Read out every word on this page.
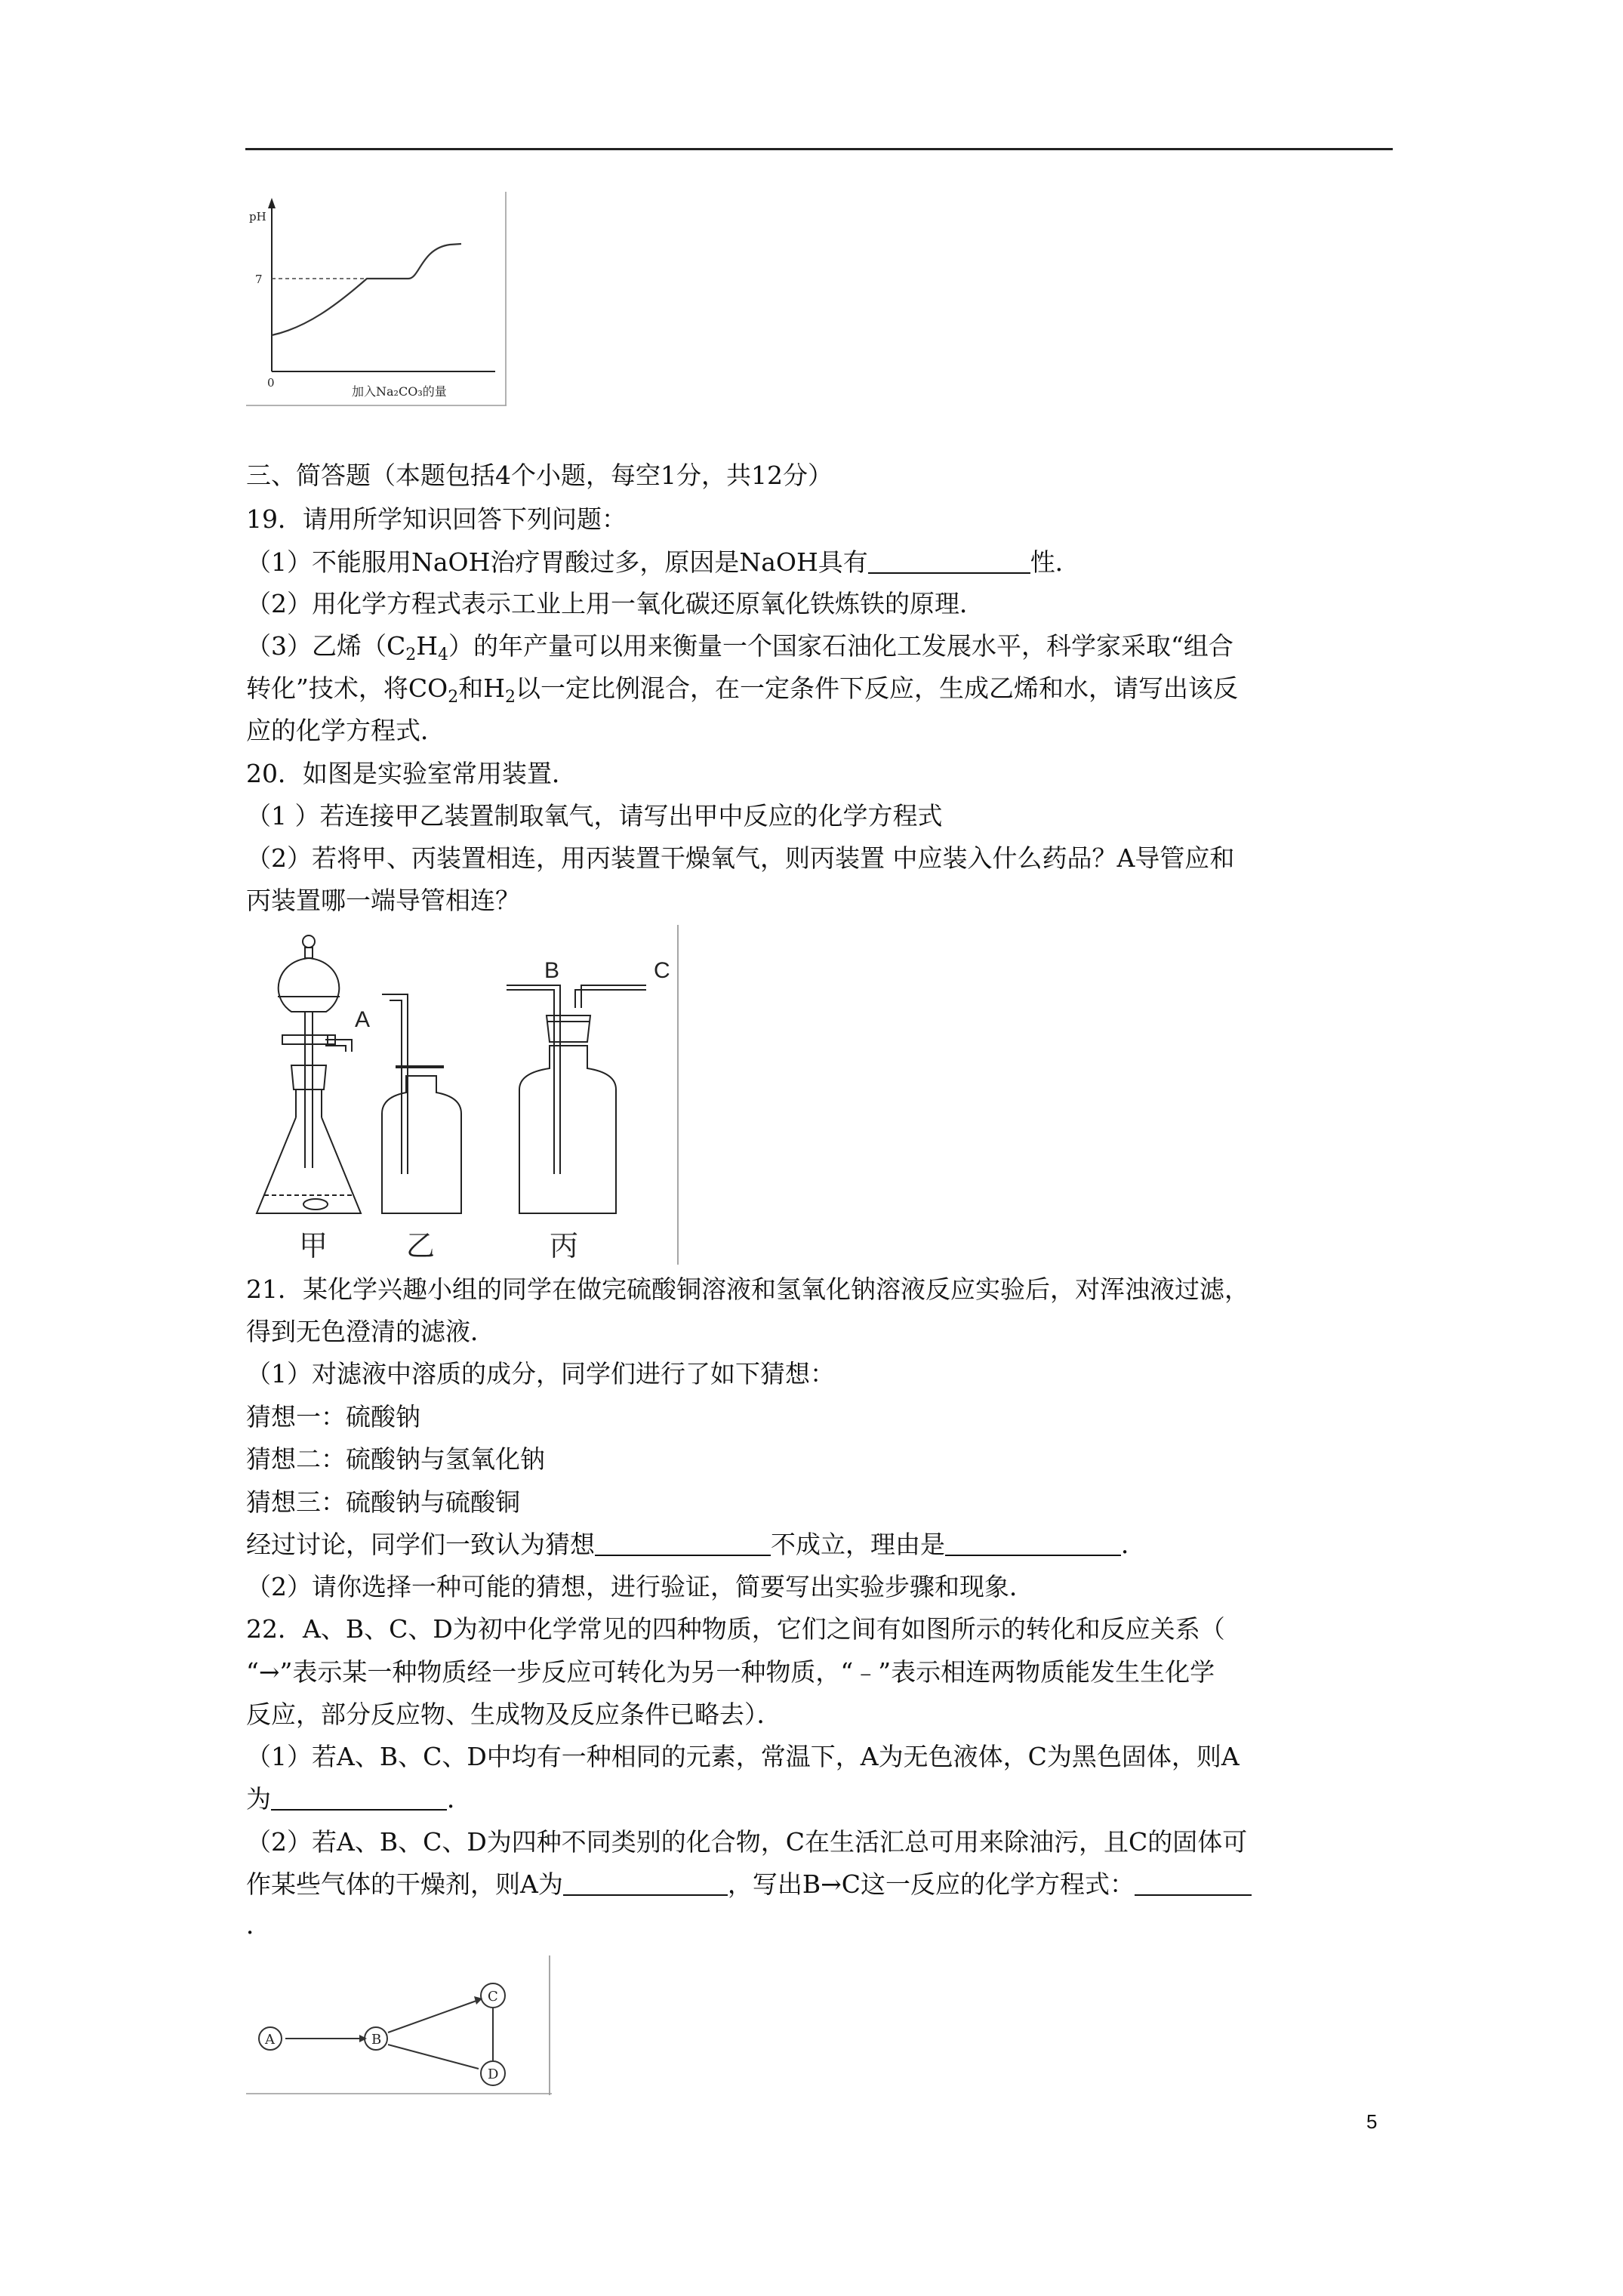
pH
7
0
加入Na₂CO₃的量
三、简答题（本题包括4个小题，每空1分，共12分）
19．请用所学知识回答下列问题：
（1）不能服用NaOH治疗胃酸过多，原因是NaOH具有	性．
（2）用化学方程式表示工业上用一氧化碳还原氧化铁炼铁的原理．
（3）乙烯$(C_2H_4)$的年产量可以用来衡量一个国家石油化工发展水平，科学家采取“组合
转化”技术，将$CO_2$和$H_2$以一定比例混合，在一定条件下反应，生成乙烯和水，请写出该反
应的化学方程式．
20．如图是实验室常用装置．
（1 ）若连接甲乙装置制取氧气，请写出甲中反应的化学方程式
（2）若将甲、丙装置相连，用丙装置干燥氧气，则丙装置 中应装入什么药品？A导管应和
丙装置哪一端导管相连？
A
B	C
甲	乙	丙
21．某化学兴趣小组的同学在做完硫酸铜溶液和氢氧化钠溶液反应实验后，对浑浊液过滤，
得到无色澄清的滤液．
（1）对滤液中溶质的成分，同学们进行了如下猜想：
猜想一：硫酸钠
猜想二：硫酸钠与氢氧化钠
猜想三：硫酸钠与硫酸铜
经过讨论，同学们一致认为猜想	不成立，理由是	．
（2）请你选择一种可能的猜想，进行验证，简要写出实验步骤和现象．
22．A、B、C、D为初中化学常见的四种物质，它们之间有如图所示的转化和反应关系（
“→”表示某一种物质经一步反应可转化为另一种物质，“﹣”表示相连两物质能发生生化学
反应，部分反应物、生成物及反应条件已略去）．
（1）若A、B、C、D中均有一种相同的元素，常温下，A为无色液体，C为黑色固体，则A
为	．
（2）若A、B、C、D为四种不同类别的化合物，C在生活汇总可用来除油污，且C的固体可
作某些气体的干燥剂，则A为	，写出B→C这一反应的化学方程式：
．
A	B
C
D
5
